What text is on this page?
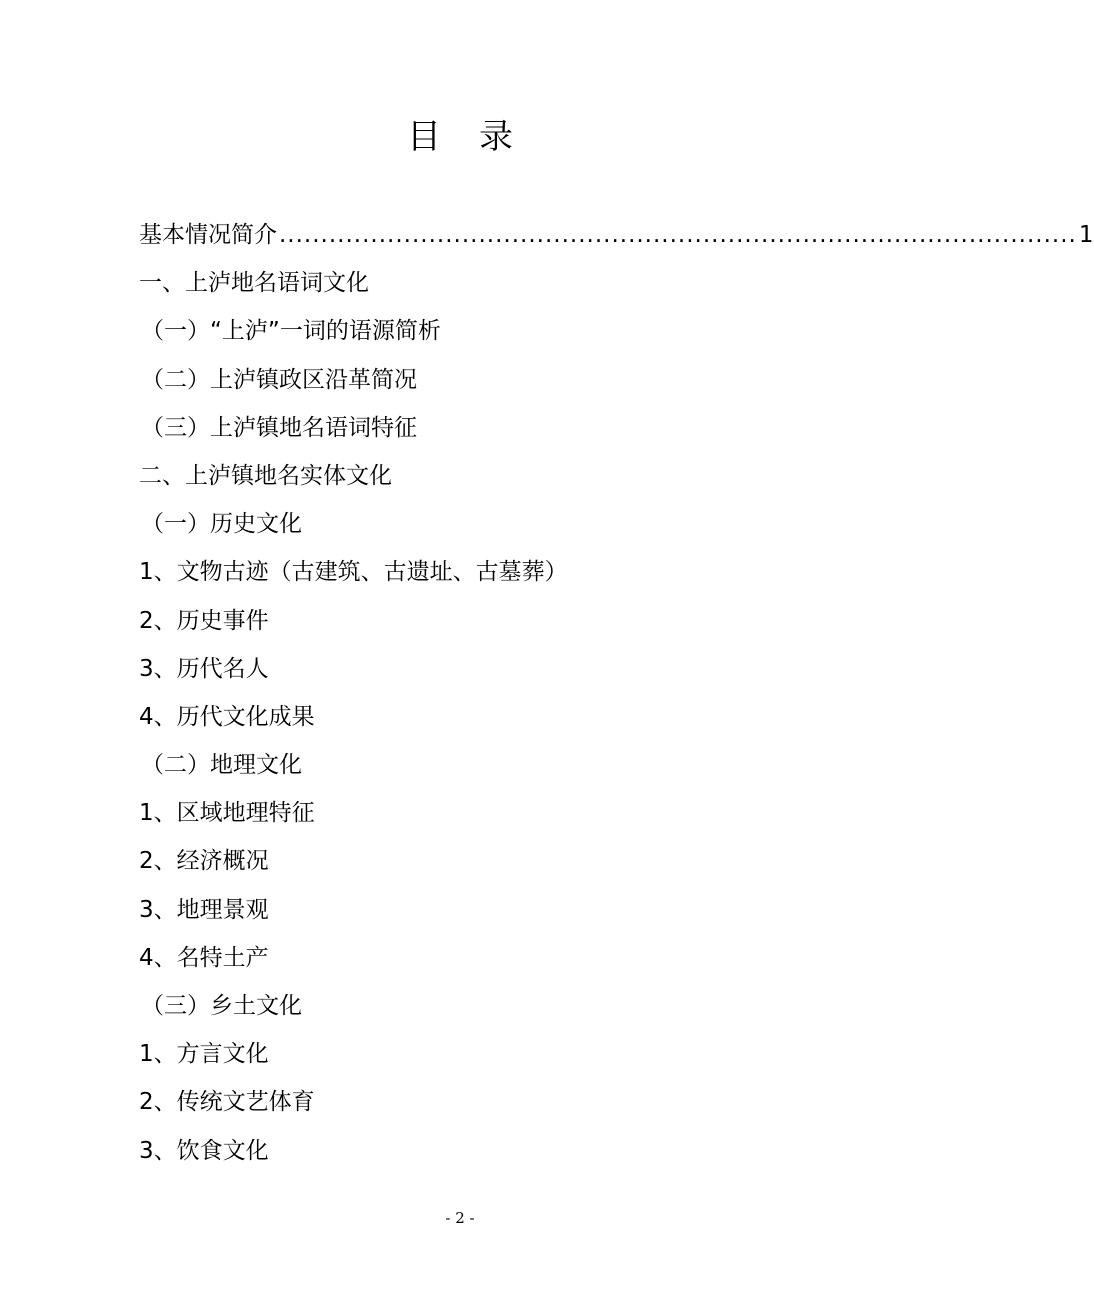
目录
基本情况简介 ................................................................................................ 1
一、上泸地名语词文化
（一）“上泸”一词的语源简析
（二）上泸镇政区沿革简况
（三）上泸镇地名语词特征
二、上泸镇地名实体文化
（一）历史文化
1、文物古迹（古建筑、古遗址、古墓葬）
2、历史事件
3、历代名人
4、历代文化成果
（二）地理文化
1、区域地理特征
2、经济概况
3、地理景观
4、名特土产
（三）乡土文化
1、方言文化
2、传统文艺体育
3、饮食文化
- 2 -
